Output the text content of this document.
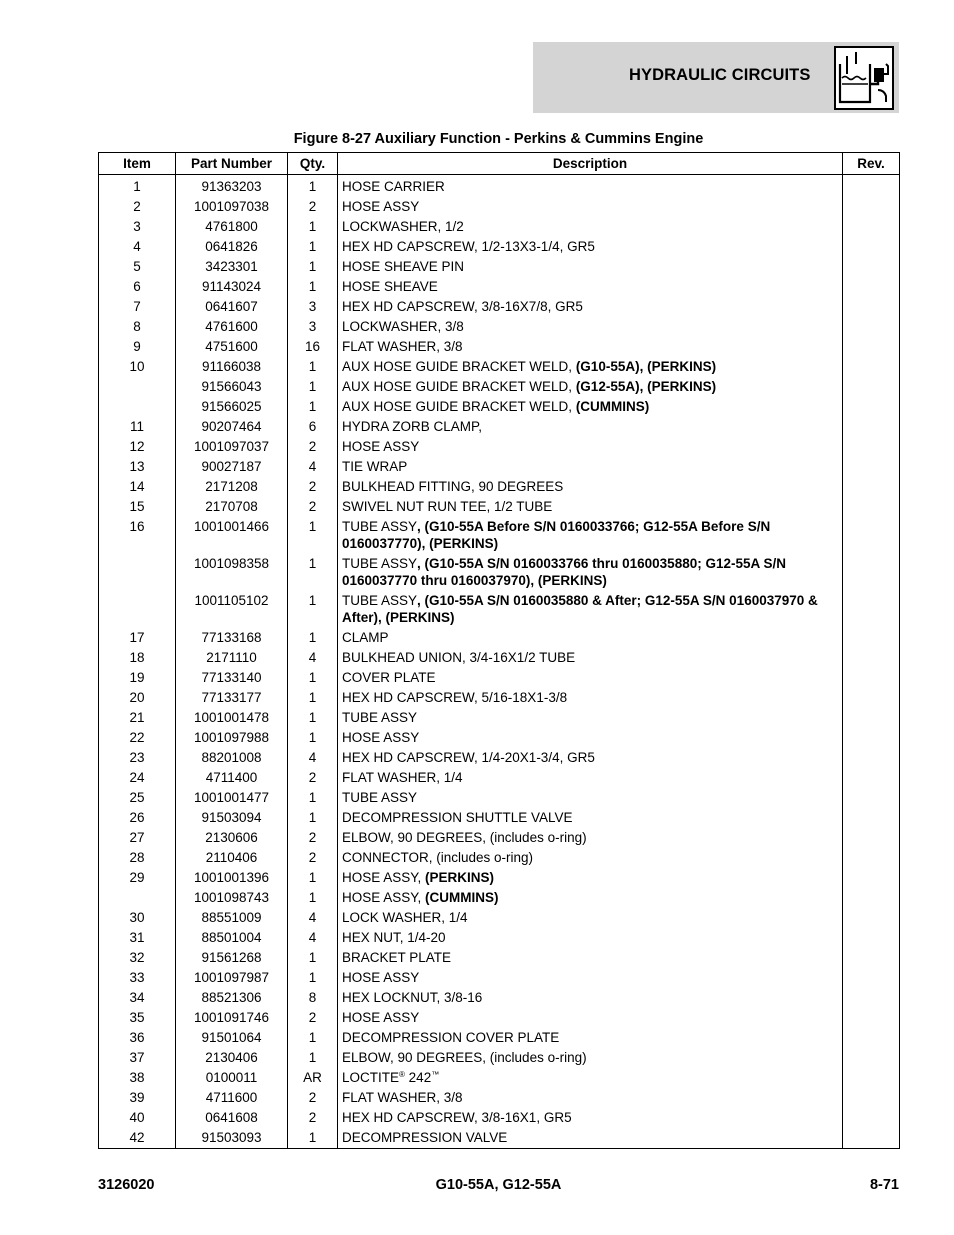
HYDRAULIC CIRCUITS
Figure 8-27 Auxiliary Function - Perkins & Cummins Engine
Item	Part Number	Qty.	Description	Rev.
1	91363203	1	HOSE CARRIER	
2	1001097038	2	HOSE ASSY	
3	4761800	1	LOCKWASHER, 1/2	
4	0641826	1	HEX HD CAPSCREW, 1/2-13X3-1/4, GR5	
5	3423301	1	HOSE SHEAVE PIN	
6	91143024	1	HOSE SHEAVE	
7	0641607	3	HEX HD CAPSCREW, 3/8-16X7/8, GR5	
8	4761600	3	LOCKWASHER, 3/8	
9	4751600	16	FLAT WASHER, 3/8	
10	91166038	1	AUX HOSE GUIDE BRACKET WELD, (G10-55A), (PERKINS)	
	91566043	1	AUX HOSE GUIDE BRACKET WELD, (G12-55A), (PERKINS)	
	91566025	1	AUX HOSE GUIDE BRACKET WELD, (CUMMINS)	
11	90207464	6	HYDRA ZORB CLAMP,	
12	1001097037	2	HOSE ASSY	
13	90027187	4	TIE WRAP	
14	2171208	2	BULKHEAD FITTING, 90 DEGREES	
15	2170708	2	SWIVEL NUT RUN TEE, 1/2 TUBE	
16	1001001466	1	TUBE ASSY, (G10-55A Before S/N 0160033766; G12-55A Before S/N 0160037770), (PERKINS)	
	1001098358	1	TUBE ASSY, (G10-55A S/N 0160033766 thru 0160035880; G12-55A S/N 0160037770 thru 0160037970), (PERKINS)	
	1001105102	1	TUBE ASSY, (G10-55A S/N 0160035880 & After; G12-55A S/N 0160037970 & After), (PERKINS)	
17	77133168	1	CLAMP	
18	2171110	4	BULKHEAD UNION, 3/4-16X1/2 TUBE	
19	77133140	1	COVER PLATE	
20	77133177	1	HEX HD CAPSCREW, 5/16-18X1-3/8	
21	1001001478	1	TUBE ASSY	
22	1001097988	1	HOSE ASSY	
23	88201008	4	HEX HD CAPSCREW, 1/4-20X1-3/4, GR5	
24	4711400	2	FLAT WASHER, 1/4	
25	1001001477	1	TUBE ASSY	
26	91503094	1	DECOMPRESSION SHUTTLE VALVE	
27	2130606	2	ELBOW, 90 DEGREES, (includes o-ring)	
28	2110406	2	CONNECTOR, (includes o-ring)	
29	1001001396	1	HOSE ASSY, (PERKINS)	
	1001098743	1	HOSE ASSY, (CUMMINS)	
30	88551009	4	LOCK WASHER, 1/4	
31	88501004	4	HEX NUT, 1/4-20	
32	91561268	1	BRACKET PLATE	
33	1001097987	1	HOSE ASSY	
34	88521306	8	HEX LOCKNUT, 3/8-16	
35	1001091746	2	HOSE ASSY	
36	91501064	1	DECOMPRESSION COVER PLATE	
37	2130406	1	ELBOW, 90 DEGREES, (includes o-ring)	
38	0100011	AR	LOCTITE® 242™	
39	4711600	2	FLAT WASHER, 3/8	
40	0641608	2	HEX HD CAPSCREW, 3/8-16X1, GR5	
42	91503093	1	DECOMPRESSION VALVE	
3126020	G10-55A, G12-55A	8-71
